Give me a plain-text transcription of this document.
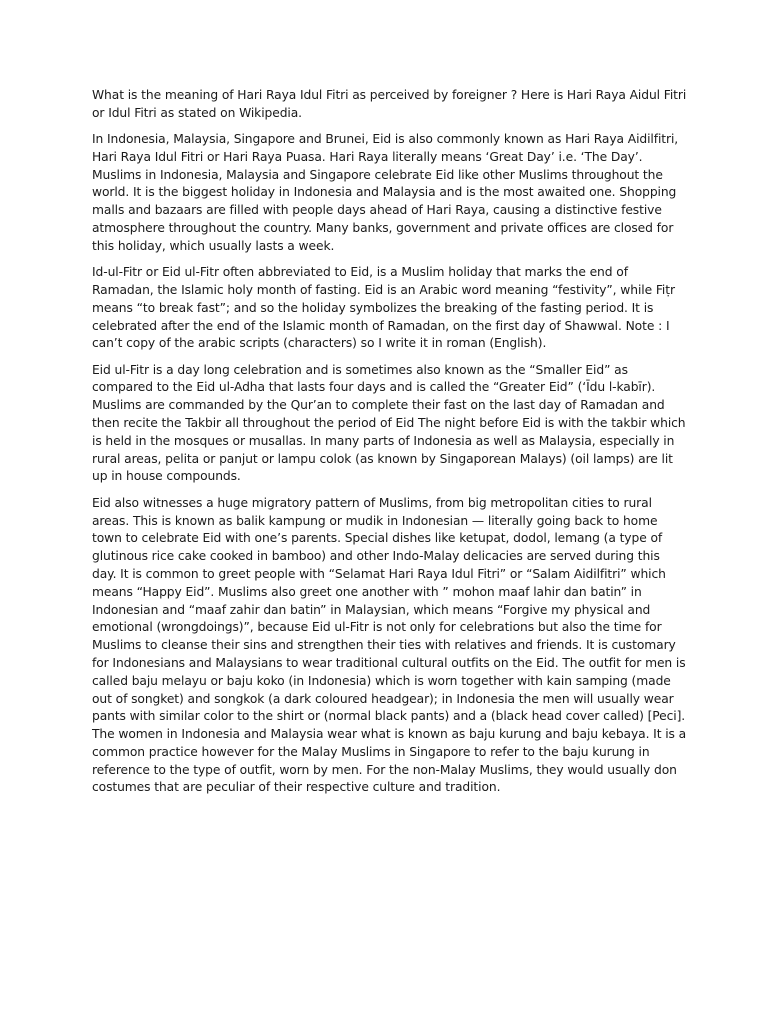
What is the meaning of Hari Raya Idul Fitri as perceived by foreigner ? Here is Hari Raya Aidul Fitri or Idul Fitri as stated on Wikipedia.

In Indonesia, Malaysia, Singapore and Brunei, Eid is also commonly known as Hari Raya Aidilfitri, Hari Raya Idul Fitri or Hari Raya Puasa. Hari Raya literally means ‘Great Day’ i.e. ‘The Day’. Muslims in Indonesia, Malaysia and Singapore celebrate Eid like other Muslims throughout the world. It is the biggest holiday in Indonesia and Malaysia and is the most awaited one. Shopping malls and bazaars are filled with people days ahead of Hari Raya, causing a distinctive festive atmosphere throughout the country. Many banks, government and private offices are closed for this holiday, which usually lasts a week.

Id-ul-Fitr or Eid ul-Fitr often abbreviated to Eid, is a Muslim holiday that marks the end of Ramadan, the Islamic holy month of fasting. Eid is an Arabic word meaning “festivity”, while Fiṭr means “to break fast”; and so the holiday symbolizes the breaking of the fasting period. It is celebrated after the end of the Islamic month of Ramadan, on the first day of Shawwal. Note : I can’t copy of the arabic scripts (characters) so I write it in roman (English).

Eid ul-Fitr is a day long celebration and is sometimes also known as the “Smaller Eid” as compared to the Eid ul-Adha that lasts four days and is called the “Greater Eid” (‘Īdu l-kabīr). Muslims are commanded by the Qur’an to complete their fast on the last day of Ramadan and then recite the Takbir all throughout the period of Eid The night before Eid is with the takbir which is held in the mosques or musallas. In many parts of Indonesia as well as Malaysia, especially in rural areas, pelita or panjut or lampu colok (as known by Singaporean Malays) (oil lamps) are lit up in house compounds.

Eid also witnesses a huge migratory pattern of Muslims, from big metropolitan cities to rural areas. This is known as balik kampung or mudik in Indonesian — literally going back to home town to celebrate Eid with one’s parents. Special dishes like ketupat, dodol, lemang (a type of glutinous rice cake cooked in bamboo) and other Indo-Malay delicacies are served during this day. It is common to greet people with “Selamat Hari Raya Idul Fitri” or “Salam Aidilfitri” which means “Happy Eid”. Muslims also greet one another with ” mohon maaf lahir dan batin” in Indonesian and “maaf zahir dan batin” in Malaysian, which means “Forgive my physical and emotional (wrongdoings)”, because Eid ul-Fitr is not only for celebrations but also the time for Muslims to cleanse their sins and strengthen their ties with relatives and friends. It is customary for Indonesians and Malaysians to wear traditional cultural outfits on the Eid. The outfit for men is called baju melayu or baju koko (in Indonesia) which is worn together with kain samping (made out of songket) and songkok (a dark coloured headgear); in Indonesia the men will usually wear pants with similar color to the shirt or (normal black pants) and a (black head cover called) [Peci]. The women in Indonesia and Malaysia wear what is known as baju kurung and baju kebaya. It is a common practice however for the Malay Muslims in Singapore to refer to the baju kurung in reference to the type of outfit, worn by men. For the non-Malay Muslims, they would usually don costumes that are peculiar of their respective culture and tradition.
